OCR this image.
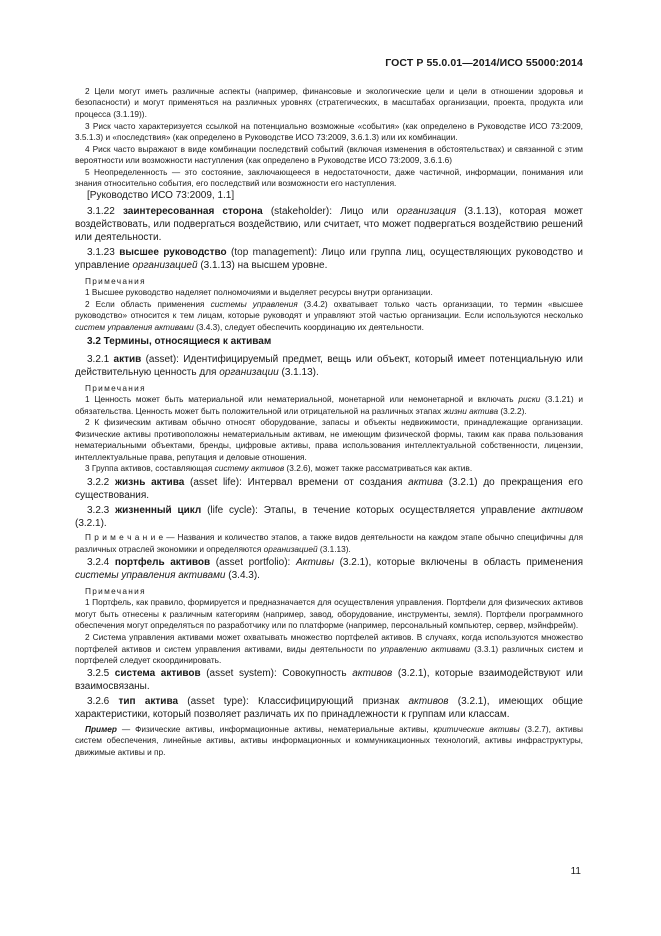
ГОСТ Р 55.0.01—2014/ИСО 55000:2014

2 Цели могут иметь различные аспекты (например, финансовые и экологические цели и цели в отношении здоровья и безопасности) и могут применяться на различных уровнях (стратегических, в масштабах организации, проекта, продукта или процесса (3.1.19)).

3 Риск часто характеризуется ссылкой на потенциально возможные «события» (как определено в Руководстве ИСО 73:2009, 3.5.1.3) и «последствия» (как определено в Руководстве ИСО 73:2009, 3.6.1.3) или их комбинации.

4 Риск часто выражают в виде комбинации последствий событий (включая изменения в обстоятельствах) и связанной с этим вероятности или возможности наступления (как определено в Руководстве ИСО 73:2009, 3.6.1.6)

5 Неопределенность — это состояние, заключающееся в недостаточности, даже частичной, информации, понимания или знания относительно события, его последствий или возможности его наступления.

[Руководство ИСО 73:2009, 1.1]

3.1.22 заинтересованная сторона (stakeholder): Лицо или организация (3.1.13), которая может воздействовать, или подвергаться воздействию, или считает, что может подвергаться воздействию решений или деятельности.

3.1.23 высшее руководство (top management): Лицо или группа лиц, осуществляющих руководство и управление организацией (3.1.13) на высшем уровне.

Примечания

1 Высшее руководство наделяет полномочиями и выделяет ресурсы внутри организации.

2 Если область применения системы управления (3.4.2) охватывает только часть организации, то термин «высшее руководство» относится к тем лицам, которые руководят и управляют этой частью организации. Если используются несколько систем управления активами (3.4.3), следует обеспечить координацию их деятельности.

3.2 Термины, относящиеся к активам

3.2.1 актив (asset): Идентифицируемый предмет, вещь или объект, который имеет потенциальную или действительную ценность для организации (3.1.13).

Примечания

1 Ценность может быть материальной или нематериальной, монетарной или немонетарной и включать риски (3.1.21) и обязательства. Ценность может быть положительной или отрицательной на различных этапах жизни актива (3.2.2).

2 К физическим активам обычно относят оборудование, запасы и объекты недвижимости, принадлежащие организации. Физические активы противоположны нематериальным активам, не имеющим физической формы, таким как права пользования нематериальными объектами, бренды, цифровые активы, права использования интеллектуальной собственности, лицензии, интеллектуальные права, репутация и деловые отношения.

3 Группа активов, составляющая систему активов (3.2.6), может также рассматриваться как актив.

3.2.2 жизнь актива (asset life): Интервал времени от создания актива (3.2.1) до прекращения его существования.

3.2.3 жизненный цикл (life cycle): Этапы, в течение которых осуществляется управление активом (3.2.1).

П р и м е ч а н и е — Названия и количество этапов, а также видов деятельности на каждом этапе обычно специфичны для различных отраслей экономики и определяются организацией (3.1.13).

3.2.4 портфель активов (asset portfolio): Активы (3.2.1), которые включены в область применения системы управления активами (3.4.3).

Примечания

1 Портфель, как правило, формируется и предназначается для осуществления управления. Портфели для физических активов могут быть отнесены к различным категориям (например, завод, оборудование, инструменты, земля). Портфели программного обеспечения могут определяться по разработчику или по платформе (например, персональный компьютер, сервер, мэйнфрейм).

2 Система управления активами может охватывать множество портфелей активов. В случаях, когда используются множество портфелей активов и систем управления активами, виды деятельности по управлению активами (3.3.1) различных систем и портфелей следует скоординировать.

3.2.5 система активов (asset system): Совокупность активов (3.2.1), которые взаимодействуют или взаимосвязаны.

3.2.6 тип актива (asset type): Классифицирующий признак активов (3.2.1), имеющих общие характеристики, который позволяет различать их по принадлежности к группам или классам.

Пример — Физические активы, информационные активы, нематериальные активы, критические активы (3.2.7), активы систем обеспечения, линейные активы, активы информационных и коммуникационных технологий, активы инфраструктуры, движимые активы и пр.

11
